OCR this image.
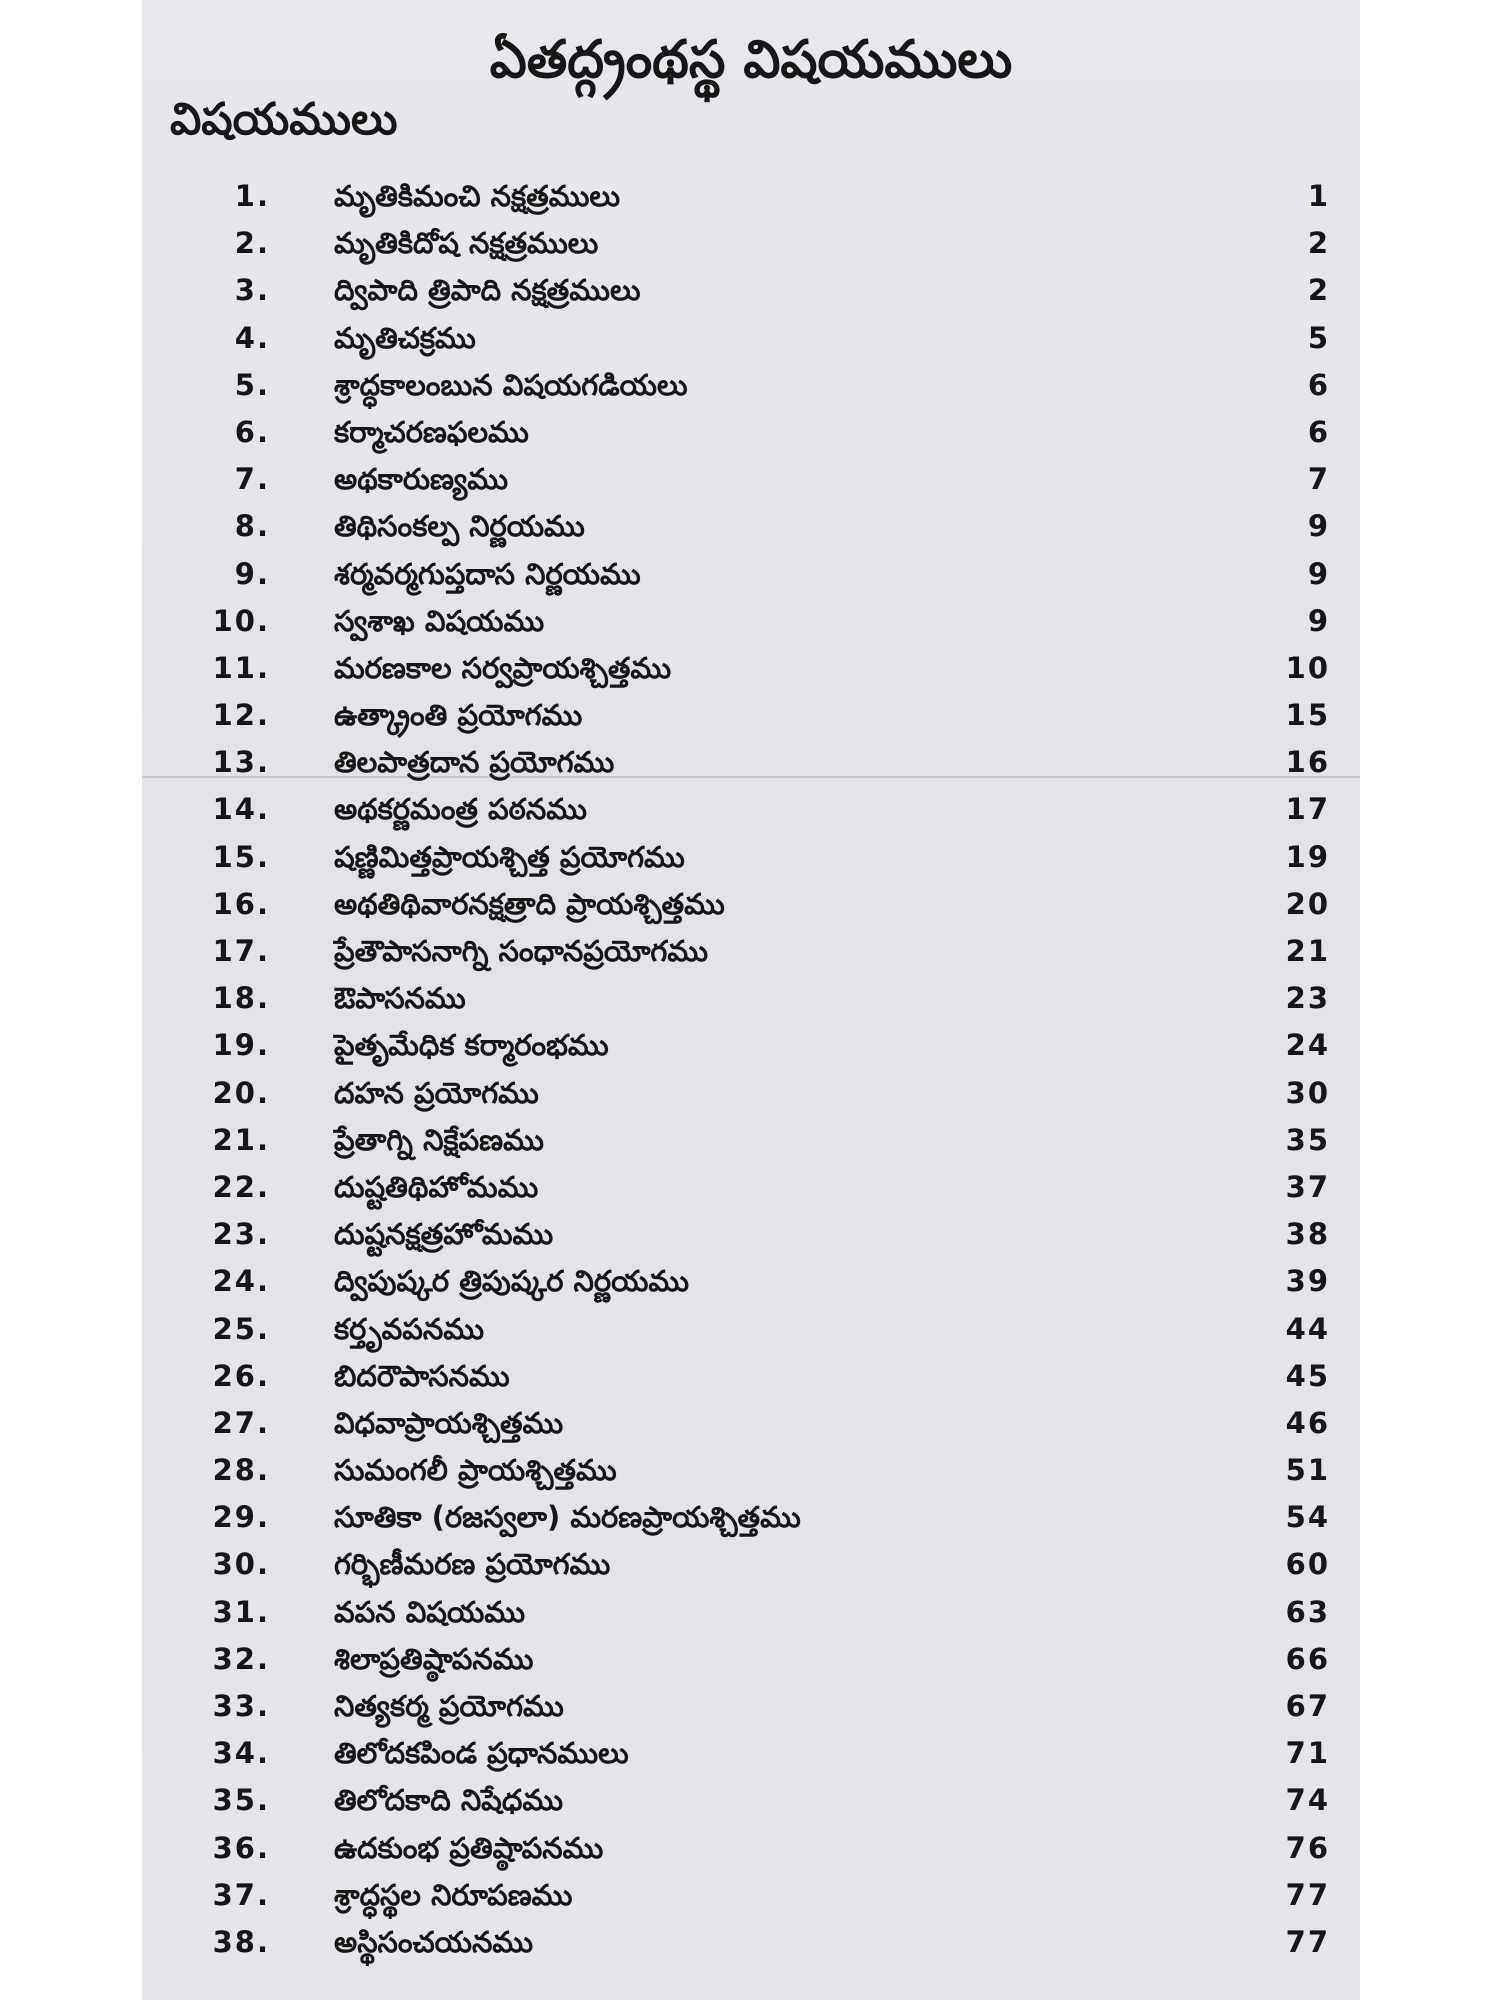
ఏతద్గ్రంథస్థ విషయములు
విషయములు
1. మృతికిమంచి నక్షత్రములు	1
2. మృతికిదోష నక్షత్రములు	2
3. ద్విపాది త్రిపాది నక్షత్రములు	2
4. మృతిచక్రము	5
5. శ్రాద్ధకాలంబున విషయగడియలు	6
6. కర్మాచరణఫలము	6
7. అథకారుణ్యము	7
8. తిథిసంకల్ప నిర్ణయము	9
9. శర్మవర్మగుప్తదాస నిర్ణయము	9
10. స్వశాఖ విషయము	9
11. మరణకాల సర్వప్రాయశ్చిత్తము	10
12. ఉత్క్రాంతి ప్రయోగము	15
13. తిలపాత్రదాన ప్రయోగము	16
14. అథకర్ణమంత్ర పఠనము	17
15. షణ్ణిమిత్తప్రాయశ్చిత్త ప్రయోగము	19
16. అథతిథివారనక్షత్రాది ప్రాయశ్చిత్తము	20
17. ప్రేతౌపాసనాగ్ని సంధానప్రయోగము	21
18. ఔపాసనము	23
19. పైతృమేధిక కర్మారంభము	24
20. దహన ప్రయోగము	30
21. ప్రేతాగ్ని నిక్షేపణము	35
22. దుష్టతిథిహోమము	37
23. దుష్టనక్షత్రహోమము	38
24. ద్విపుష్కర త్రిపుష్కర నిర్ణయము	39
25. కర్తృవపనము	44
26. బిదరౌపాసనము	45
27. విధవాప్రాయశ్చిత్తము	46
28. సుమంగలీ ప్రాయశ్చిత్తము	51
29. సూతికా (రజస్వలా) మరణప్రాయశ్చిత్తము	54
30. గర్భిణీమరణ ప్రయోగము	60
31. వపన విషయము	63
32. శిలాప్రతిష్ఠాపనము	66
33. నిత్యకర్మ ప్రయోగము	67
34. తిలోదకపిండ ప్రధానములు	71
35. తిలోదకాది నిషేధము	74
36. ఉదకుంభ ప్రతిష్ఠాపనము	76
37. శ్రాద్ధస్థల నిరూపణము	77
38. అస్థిసంచయనము	77
